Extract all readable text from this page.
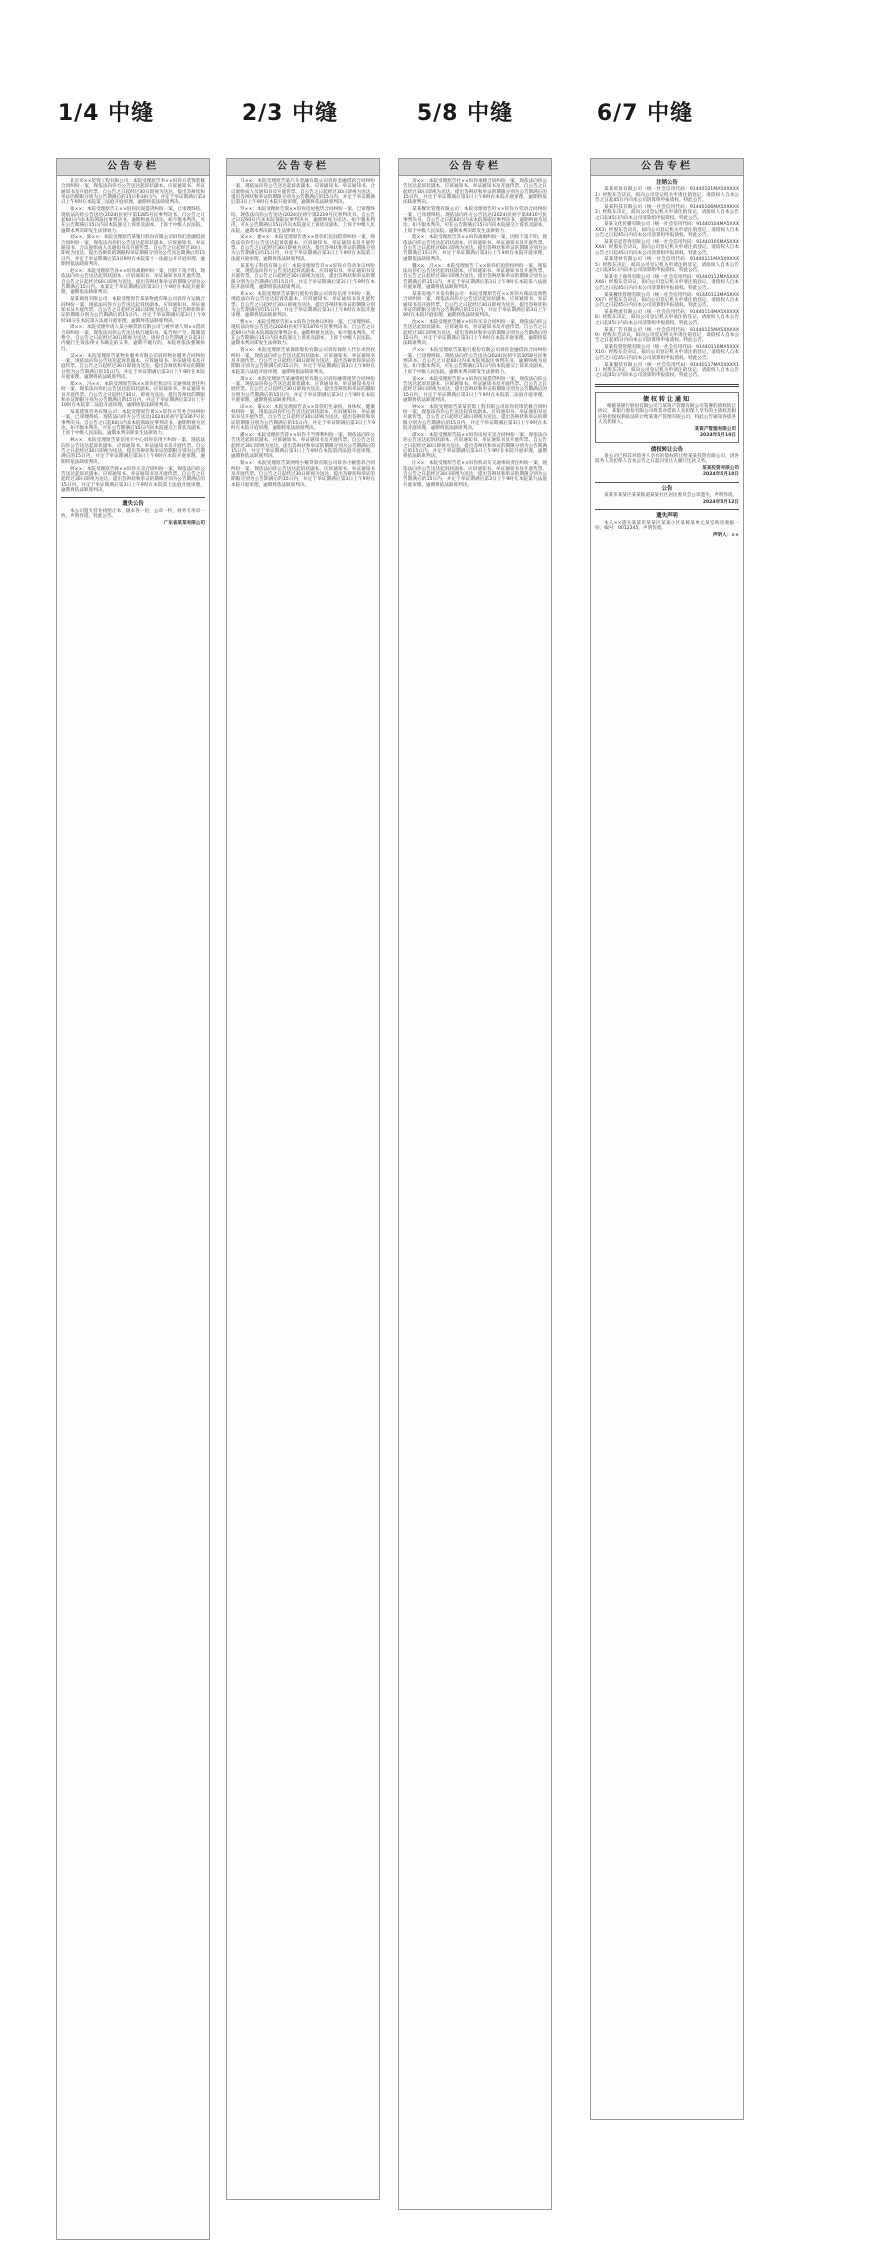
1/4 中缝	2/3 中缝	5/8 中缝	6/7 中缝
公告专栏

北京市××装饰工程有限公司：本院受理原告李××诉你方装饰装修合同纠纷一案，现依法向你方公告送达起诉状副本、应诉通知书、举证通知书及开庭传票。自公告之日起经过30日即视为送达。提出答辩状和举证的期限分别为公告期满后的15日和30日内，并定于举证期满后第3日上午9时在本院第三法庭开庭审理，逾期将依法缺席判决。

张××：本院受理原告王××诉你民间借贷纠纷一案，已审理终结。现依法向你公告送达(2024)民初字第1285号民事判决书。自公告之日起60日内来本院领取民事判决书，逾期则视为送达。如不服本判决，可在公告期满后15日内向本院递交上诉状及副本，上诉于中级人民法院。逾期本判决即发生法律效力。

刘××、陈××：本院受理原告某银行股份有限公司诉你们金融借款合同纠纷一案，现依法向你们公告送达起诉状副本、应诉通知书、举证通知书、合议庭组成人员通知书及开庭传票。自公告之日起经过30日，即视为送达。提出答辩状的期限和举证期限分别为公告送达期满后的15日内，并定于举证期满后第3日9时在本院第十一法庭公开开庭审理，逾期将依法缺席判决。

赵××：本院受理原告孙××诉你离婚纠纷一案，因你下落不明，现依法向你公告送达起诉状副本、应诉通知书、举证通知书及开庭传票。自公告之日起经过60日即视为送达。提出答辩状和举证的期限分别为公告期满后15日内。本案定于举证期满后的第3日上午9时在本院开庭审理，逾期依法缺席判决。

某某商贸有限公司：本院受理原告某某物流有限公司诉你方运输合同纠纷一案，现依法向你方公告送达起诉状副本、应诉通知书、举证通知书及开庭传票。自公告之日起经过30日即视为送达。提出答辩状和举证的期限分别为公告期满后的15日内。并定于举证期满后第3日上午9时30分在本院第五法庭开庭审理，逾期将依法缺席判决。

周××：本院受理申请人某小额贷款有限公司与被申请人周××借款合同纠纷一案，现依法向你公告送达执行通知书、报告财产令、限制消费令。自公告之日起经过30日即视为送达。请你自公告期满之日起3日内履行生效法律文书确定的义务，逾期不履行的，本院将依法强制执行。

吴××：本院受理原告某物业服务有限公司诉你物业服务合同纠纷一案，现依法向你公告送达起诉状副本、应诉通知书、举证通知书及开庭传票。自公告之日起经过30日即视为送达。提出答辩状和举证的期限分别为公告期满后的15日内，并定于举证期满后第3日上午9时在本院开庭审理，逾期将依法缺席判决。

郑××、冯××：本院受理原告陈××诉你们机动车交通事故责任纠纷一案，现依法向你们公告送达起诉状副本、应诉通知书、举证通知书及开庭传票。自公告之日起经过30日，即视为送达。提出答辩状的期限和举证期限分别为公告期满后的15日内，并定于举证期满后第3日上午10时在本院第二法庭开庭审理，逾期将依法缺席判决。

某某建筑劳务有限公司：本院受理原告黄××诉你方劳务合同纠纷一案，已审理终结。现依法向你方公告送达(2024)民初字第3367号民事判决书。自公告之日起60日内来本院领取民事判决书，逾期则视为送达。如不服本判决，可在公告期满后15日内向本院递交上诉状及副本，上诉于中级人民法院。逾期本判决即发生法律效力。

林××：本院受理原告某信用卡中心诉你信用卡纠纷一案，现依法向你公告送达起诉状副本、应诉通知书、举证通知书及开庭传票。自公告之日起经过30日即视为送达。提出答辩状和举证的期限分别为公告期满后的15日内，并定于举证期满后第3日上午9时在本院开庭审理，逾期将依法缺席判决。

何××：本院受理原告韩××诉你买卖合同纠纷一案，现依法向你公告送达起诉状副本、应诉通知书、举证通知书及开庭传票。自公告之日起经过30日即视为送达。提出答辩状和举证的期限分别为公告期满后的15日内，并定于举证期满后第3日上午9时在本院第七法庭开庭审理，逾期将依法缺席判决。

遗失公告

本公司遗失营业执照正本、副本各一份，公章一枚，财务专用章一枚，声明作废。特此公告。

广东省某某有限公司
公告专栏

马××：本院受理原告某汽车金融有限公司诉你金融借款合同纠纷一案，现依法向你公告送达起诉状副本、应诉通知书、举证通知书、合议庭组成人员通知书及开庭传票。自公告之日起经过30日即视为送达。提出答辩状和举证的期限分别为公告期满后的15日内，并定于举证期满后第3日上午9时在本院开庭审理，逾期将依法缺席判决。

罗××：本院受理原告梁××诉你房屋租赁合同纠纷一案，已审理终结。现依法向你公告送达(2024)民初字第2219号民事判决书。自公告之日起60日内来本院领取民事判决书，逾期则视为送达。如不服本判决，可在公告期满后15日内向本院递交上诉状及副本，上诉于中级人民法院。逾期本判决即发生法律效力。

宋××、谢××：本院受理原告唐××诉你们民间借贷纠纷一案，现依法向你们公告送达起诉状副本、应诉通知书、举证通知书及开庭传票。自公告之日起经过30日即视为送达。提出答辩状和举证的期限分别为公告期满后的15日内，并定于举证期满后第3日上午9时在本院第三法庭开庭审理，逾期将依法缺席判决。

某某电子科技有限公司：本院受理原告许××诉你方劳动争议纠纷一案，现依法向你方公告送达起诉状副本、应诉通知书、举证通知书及开庭传票。自公告之日起经过30日即视为送达。提出答辩状和举证的期限分别为公告期满后的15日内，并定于举证期满后第3日上午9时在本院开庭审理，逾期将依法缺席判决。

邓××：本院受理原告某银行股份有限公司诉你信用卡纠纷一案，现依法向你公告送达起诉状副本、应诉通知书、举证通知书及开庭传票。自公告之日起经过30日即视为送达。提出答辩状和举证的期限分别为公告期满后的15日内，并定于举证期满后第3日上午9时在本院开庭审理，逾期将依法缺席判决。

曹××：本院受理原告彭××诉你合伙协议纠纷一案，已审理终结。现依法向你公告送达(2024)民初字第1876号民事判决书。自公告之日起60日内来本院领取民事判决书，逾期则视为送达。如不服本判决，可在公告期满后15日内向本院递交上诉状及副本，上诉于中级人民法院。逾期本判决即发生法律效力。

曾××：本院受理原告某保险股份有限公司诉你保险人代位求偿权纠纷一案，现依法向你公告送达起诉状副本、应诉通知书、举证通知书及开庭传票。自公告之日起经过30日即视为送达。提出答辩状和举证的期限分别为公告期满后的15日内，并定于举证期满后第3日上午9时在本院第六法庭开庭审理，逾期将依法缺席判决。

萧××：本院受理原告某融资租赁有限公司诉你融资租赁合同纠纷一案，现依法向你公告送达起诉状副本、应诉通知书、举证通知书及开庭传票。自公告之日起经过30日即视为送达。提出答辩状和举证的期限分别为公告期满后的15日内，并定于举证期满后第3日上午9时在本院开庭审理，逾期将依法缺席判决。

田××、董××：本院受理原告袁××诉你们生命权、身体权、健康权纠纷一案，现依法向你们公告送达起诉状副本、应诉通知书、举证通知书及开庭传票。自公告之日起经过30日即视为送达。提出答辩状和举证的期限分别为公告期满后的15日内，并定于举证期满后第3日上午9时在本院开庭审理，逾期将依法缺席判决。

潘××：本院受理原告蒋××诉你不当得利纠纷一案，现依法向你公告送达起诉状副本、应诉通知书、举证通知书及开庭传票。自公告之日起经过30日即视为送达。提出答辩状和举证的期限分别为公告期满后的15日内，并定于举证期满后第3日上午9时在本院第四法庭开庭审理，逾期将依法缺席判决。

蔡××：本院受理原告某网络小额贷款有限公司诉你小额借款合同纠纷一案，现依法向你公告送达起诉状副本、应诉通知书、举证通知书及开庭传票。自公告之日起经过30日即视为送达。提出答辩状和举证的期限分别为公告期满后的15日内，并定于举证期满后第3日上午9时在本院开庭审理，逾期将依法缺席判决。

公告专栏

余××：本院受理原告杜××诉你承揽合同纠纷一案，现依法向你公告送达起诉状副本、应诉通知书、举证通知书及开庭传票。自公告之日起经过30日即视为送达。提出答辩状和举证的期限分别为公告期满后的15日内，并定于举证期满后第3日上午9时在本院开庭审理，逾期将依法缺席判决。

某某餐饮管理有限公司：本院受理原告叶××诉你方劳动合同纠纷一案，已审理终结。现依法向你方公告送达(2024)民初字第4410号民事判决书。自公告之日起60日内来本院领取民事判决书，逾期则视为送达。如不服本判决，可在公告期满后15日内向本院递交上诉状及副本，上诉于中级人民法院。逾期本判决即发生法律效力。

程××：本院受理原告苏××诉你离婚纠纷一案，因你下落不明，现依法向你公告送达起诉状副本、应诉通知书、举证通知书及开庭传票。自公告之日起经过60日即视为送达。提出答辩状和举证的期限分别为公告期满后15日内，并定于举证期满后第3日上午9时在本院开庭审理，逾期依法缺席判决。

魏××、吕××：本院受理原告丁××诉你们追偿权纠纷一案，现依法向你们公告送达起诉状副本、应诉通知书、举证通知书及开庭传票。自公告之日起经过30日即视为送达。提出答辩状和举证的期限分别为公告期满后的15日内，并定于举证期满后第3日上午9时在本院第八法庭开庭审理，逾期将依法缺席判决。

某某房地产开发有限公司：本院受理原告任××诉你方商品房预售合同纠纷一案，现依法向你方公告送达起诉状副本、应诉通知书、举证通知书及开庭传票。自公告之日起经过30日即视为送达。提出答辩状和举证的期限分别为公告期满后的15日内，并定于举证期满后第3日上午9时在本院开庭审理，逾期将依法缺席判决。

沈××：本院受理原告姚××诉你买卖合同纠纷一案，现依法向你公告送达起诉状副本、应诉通知书、举证通知书及开庭传票。自公告之日起经过30日即视为送达。提出答辩状和举证的期限分别为公告期满后的15日内，并定于举证期满后第3日上午9时在本院开庭审理，逾期将依法缺席判决。

卢××：本院受理原告某银行股份有限公司诉你金融借款合同纠纷一案，已审理终结。现依法向你公告送达(2024)民初字第3058号民事判决书。自公告之日起60日内来本院领取民事判决书，逾期则视为送达。如不服本判决，可在公告期满后15日内向本院递交上诉状及副本，上诉于中级人民法院。逾期本判决即发生法律效力。

姜××：本院受理原告崔××诉你民间借贷纠纷一案，现依法向你公告送达起诉状副本、应诉通知书、举证通知书及开庭传票。自公告之日起经过30日即视为送达。提出答辩状和举证的期限分别为公告期满后的15日内，并定于举证期满后第3日上午9时在本院第二法庭开庭审理，逾期将依法缺席判决。

钟××：本院受理原告某某装饰工程有限公司诉你装饰装修合同纠纷一案，现依法向你公告送达起诉状副本、应诉通知书、举证通知书及开庭传票。自公告之日起经过30日即视为送达。提出答辩状和举证的期限分别为公告期满后的15日内，并定于举证期满后第3日上午9时在本院开庭审理，逾期将依法缺席判决。

谭××：本院受理原告陆××诉你房屋买卖合同纠纷一案，现依法向你公告送达起诉状副本、应诉通知书、举证通知书及开庭传票。自公告之日起经过30日即视为送达。提出答辩状和举证的期限分别为公告期满后的15日内，并定于举证期满后第3日上午9时在本院开庭审理，逾期将依法缺席判决。

汪××：本院受理原告范××诉你机动车交通事故责任纠纷一案，现依法向你公告送达起诉状副本、应诉通知书、举证通知书及开庭传票。自公告之日起经过30日即视为送达。提出答辩状和举证的期限分别为公告期满后的15日内，并定于举证期满后第3日上午9时在本院第九法庭开庭审理，逾期将依法缺席判决。

公告专栏
注销公告

某某贸易有限公司（统一社会信用代码：91440101MA5XXXXX1）经股东会决议，拟向公司登记机关申请注销登记，请债权人自本公告之日起45日内向本公司清算组申报债权。特此公告。

某某科技有限公司（统一社会信用代码：91440106MA5XXXXX2）经股东决定，拟向公司登记机关申请注销登记，请债权人自本公告之日起45日内向本公司清算组申报债权。特此公告。

某某文化传播有限公司（统一社会信用代码：91440104MA5XXXXX3）经股东会决议，拟向公司登记机关申请注销登记，请债权人自本公告之日起45日内向本公司清算组申报债权。特此公告。

某某信息咨询有限公司（统一社会信用代码：91440105MA5XXXXX4）经股东会决议，拟向公司登记机关申请注销登记，请债权人自本公告之日起45日内向本公司清算组申报债权。特此公告。

某某建材有限公司（统一社会信用代码：91440111MA5XXXXX5）经股东决定，拟向公司登记机关申请注销登记，请债权人自本公告之日起45日内向本公司清算组申报债权。特此公告。

某某电子商务有限公司（统一社会信用代码：91440112MA5XXXXX6）经股东会决议，拟向公司登记机关申请注销登记，请债权人自本公告之日起45日内向本公司清算组申报债权。特此公告。

某某餐饮管理有限公司（统一社会信用代码：91440113MA5XXXXX7）经股东会决议，拟向公司登记机关申请注销登记，请债权人自本公告之日起45日内向本公司清算组申报债权。特此公告。

某某物流有限公司（统一社会信用代码：91440114MA5XXXXX8）经股东决定，拟向公司登记机关申请注销登记，请债权人自本公告之日起45日内向本公司清算组申报债权。特此公告。

某某广告有限公司（统一社会信用代码：91440115MA5XXXXX9）经股东会决议，拟向公司登记机关申请注销登记，请债权人自本公告之日起45日内向本公司清算组申报债权。特此公告。

某某投资管理有限公司（统一社会信用代码：91440116MA5XXXX10）经股东会决议，拟向公司登记机关申请注销登记，请债权人自本公告之日起45日内向本公司清算组申报债权。特此公告。

某某服装有限公司（统一社会信用代码：91440117MA5XXXX11）经股东决定，拟向公司登记机关申请注销登记，请债权人自本公告之日起45日内向本公司清算组申报债权。特此公告。

债权转让通知

根据某银行股份有限公司与某资产管理有限公司签署的债权转让协议，某银行股份有限公司将其对借款人及担保人享有的主债权及相应的担保权利依法转让给某资产管理有限公司，特此公告通知各债务人及担保人。

某资产管理有限公司
2024年5月10日
债权转让公告

某公司已将其对债务人享有的债权转让给某某投资有限公司，请各债务人及担保人自本公告之日起向受让人履行还款义务。

某某投资有限公司
2024年5月10日
公告

某某市某某区某某街道某某社区居民委员会公章遗失，声明作废。

2024年5月12日
遗失声明

本人××遗失某某市某某区某某小区某栋某单元某室购房收据一份，编号：0012345，声明作废。

声明人：××
